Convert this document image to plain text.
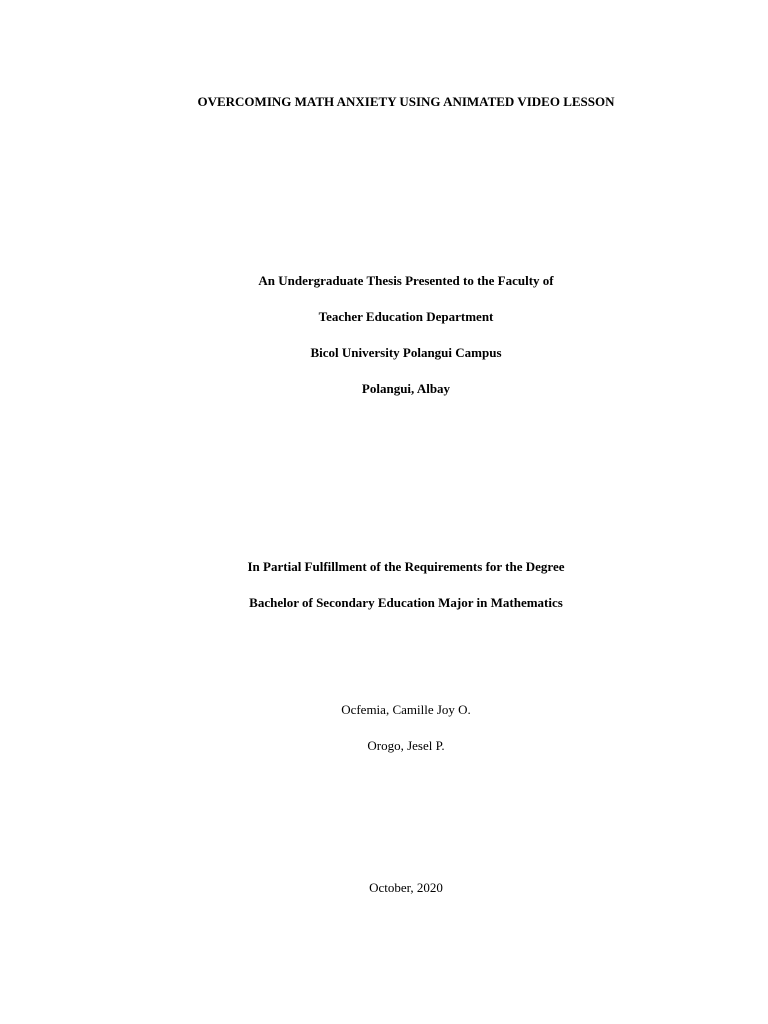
OVERCOMING MATH ANXIETY USING ANIMATED VIDEO LESSON
An Undergraduate Thesis Presented to the Faculty of
Teacher Education Department
Bicol University Polangui Campus
Polangui, Albay
In Partial Fulfillment of the Requirements for the Degree
Bachelor of Secondary Education Major in Mathematics
Ocfemia, Camille Joy O.
Orogo, Jesel P.
October, 2020
